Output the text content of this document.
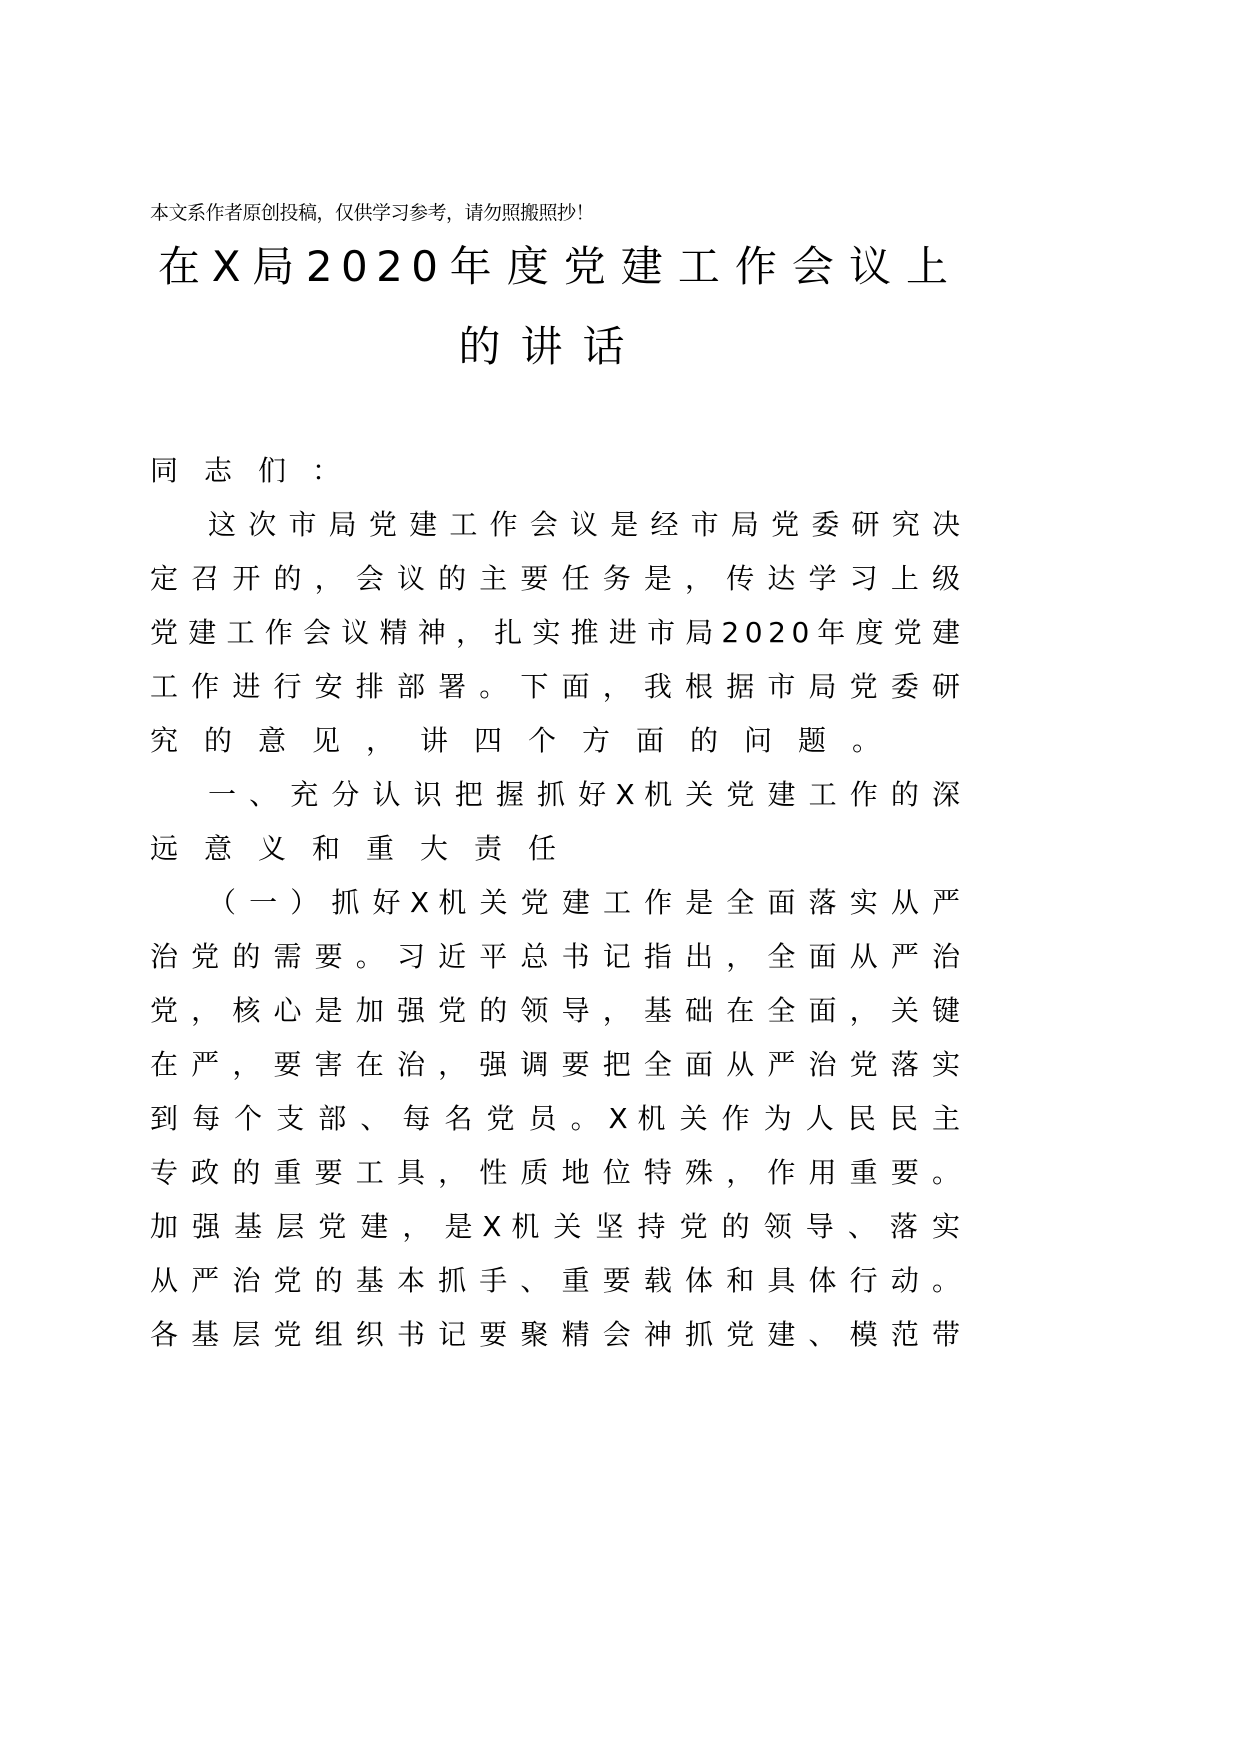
本文系作者原创投稿，仅供学习参考，请勿照搬照抄！
在 X 局 2 0 2 0 年 度 党 建 工 作 会 议 上
的讲话
同志们：
这 次 市 局 党 建 工 作 会 议 是 经 市 局 党 委 研 究 决
定 召 开 的 ， 会 议 的 主 要 任 务 是 ， 传 达 学 习 上 级
党 建 工 作 会 议 精 神 ， 扎 实 推 进 市 局 2 0 2 0 年 度 党 建
工 作 进 行 安 排 部 署 。 下 面 ， 我 根 据 市 局 党 委 研
究的意见，讲四个方面的问题。
一 、 充 分 认 识 把 握 抓 好 X 机 关 党 建 工 作 的 深
远意义和重大责任
（ 一 ） 抓 好 X 机 关 党 建 工 作 是 全 面 落 实 从 严
治 党 的 需 要 。 习 近 平 总 书 记 指 出 ， 全 面 从 严 治
党 ， 核 心 是 加 强 党 的 领 导 ， 基 础 在 全 面 ， 关 键
在 严 ， 要 害 在 治 ， 强 调 要 把 全 面 从 严 治 党 落 实
到 每 个 支 部 、 每 名 党 员 。 X 机 关 作 为 人 民 民 主
专 政 的 重 要 工 具 ， 性 质 地 位 特 殊 ， 作 用 重 要 。
加 强 基 层 党 建 ， 是 X 机 关 坚 持 党 的 领 导 、 落 实
从 严 治 党 的 基 本 抓 手 、 重 要 载 体 和 具 体 行 动 。
各 基 层 党 组 织 书 记 要 聚 精 会 神 抓 党 建 、 模 范 带
